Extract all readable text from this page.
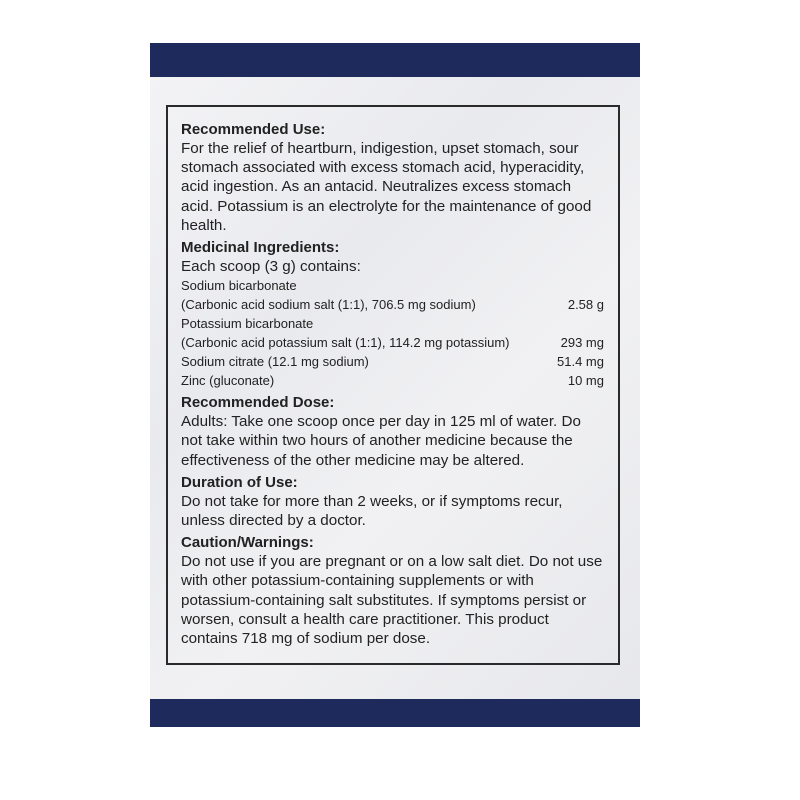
Recommended Use:

For the relief of heartburn, indigestion, upset stomach, sour stomach associated with excess stomach acid, hyperacidity, acid ingestion. As an antacid. Neutralizes excess stomach acid. Potassium is an electrolyte for the maintenance of good health.

Medicinal Ingredients:

Each scoop (3 g) contains:

Sodium bicarbonate
(Carbonic acid sodium salt (1:1), 706.5 mg sodium)	2.58 g
Potassium bicarbonate
(Carbonic acid potassium salt (1:1), 114.2 mg potassium)	293 mg
Sodium citrate (12.1 mg sodium)	51.4 mg
Zinc (gluconate)	10 mg

Recommended Dose:

Adults: Take one scoop once per day in 125 ml of water. Do not take within two hours of another medicine because the effectiveness of the other medicine may be altered.

Duration of Use:

Do not take for more than 2 weeks, or if symptoms recur, unless directed by a doctor.

Caution/Warnings:

Do not use if you are pregnant or on a low salt diet. Do not use with other potassium-containing supplements or with potassium-containing salt substitutes. If symptoms persist or worsen, consult a health care practitioner. This product contains 718 mg of sodium per dose.
